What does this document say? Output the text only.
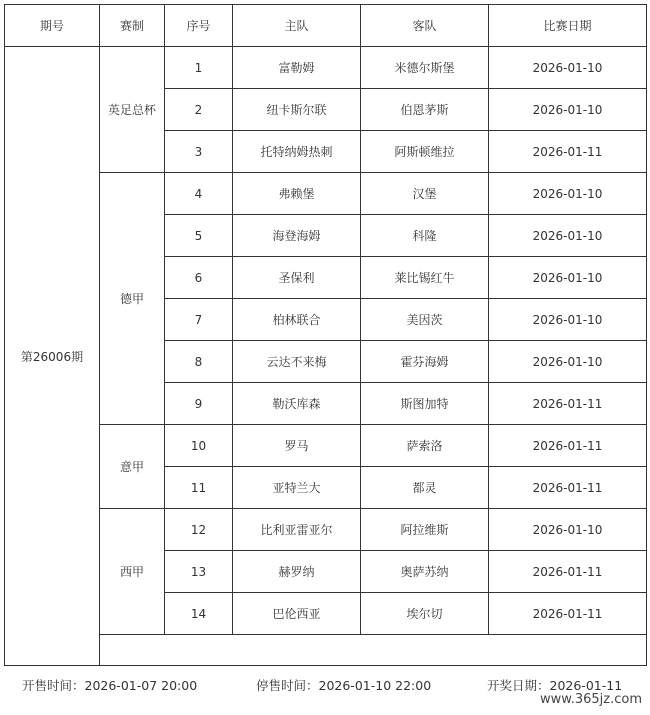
期号	赛制	序号	主队	客队	比赛日期
第26006期	英足总杯	1	富勒姆	米德尔斯堡	2026-01-10
		2	纽卡斯尔联	伯恩茅斯	2026-01-10
		3	托特纳姆热刺	阿斯顿维拉	2026-01-11
	德甲	4	弗赖堡	汉堡	2026-01-10
		5	海登海姆	科隆	2026-01-10
		6	圣保利	莱比锡红牛	2026-01-10
		7	柏林联合	美因茨	2026-01-10
		8	云达不来梅	霍芬海姆	2026-01-10
		9	勒沃库森	斯图加特	2026-01-11
	意甲	10	罗马	萨索洛	2026-01-11
		11	亚特兰大	都灵	2026-01-11
	西甲	12	比利亚雷亚尔	阿拉维斯	2026-01-10
		13	赫罗纳	奥萨苏纳	2026-01-11
		14	巴伦西亚	埃尔切	2026-01-11

开售时间：2026-01-07 20:00	停售时间：2026-01-10 22:00	开奖日期：2026-01-11
www.365jz.com
